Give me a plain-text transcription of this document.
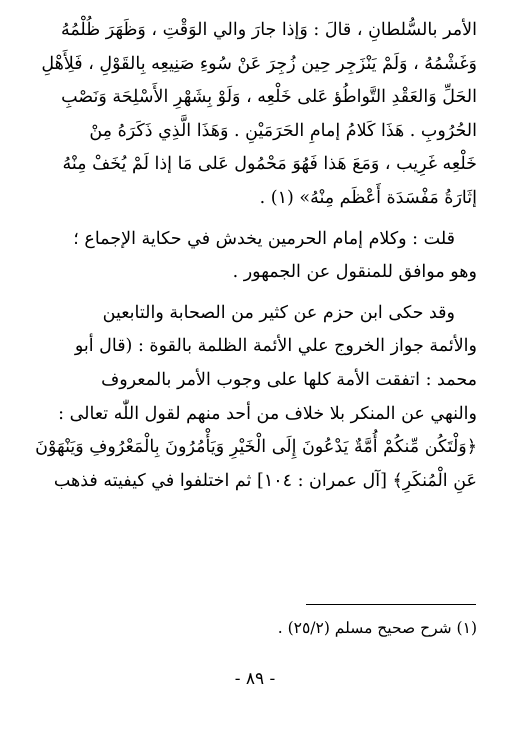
الأمر بالسُّلطانِ ، قالَ : وَإذا جارَ والي الوَقْتِ ، وَظَهَرَ ظُلْمُهُ

وَغَشْمُهُ ، وَلَمْ يَنْزَجِر حِين زُجِرَ عَنْ سُوءِ صَنِيعِه بِالقَوْلِ ، فَلِأَهْلِ

الحَلِّ وَالعَقْدِ التَّواطُؤ عَلى خَلْعِه ، وَلَوْ بِشَهْرِ الأَسْلِحَة وَنَصْبِ

الحُرُوبِ . هَذَا كَلامُ إمامِ الحَرَمَيْنِ . وَهَذَا الَّذِي ذَكَرَهُ مِنْ

خَلْعِه غَرِيب ، وَمَعَ هَذا فَهُوَ مَحْمُول عَلى مَا إذا لَمْ يُخَفْ مِنْهُ

إثَارَةُ مَفْسَدَة أَعْظَم مِنْهُ» (١) .

قلت : وكلام إمام الحرمين يخدش في حكاية الإجماع ؛

وهو موافق للمنقول عن الجمهور .

وقد حكى ابن حزم عن كثير من الصحابة والتابعين

والأئمة جواز الخروج علي الأئمة الظلمة بالقوة : (قال أبو

محمد : اتفقت الأمة كلها على وجوب الأمر بالمعروف

والنهي عن المنكر بلا خلاف من أحد منهم لقول اللّٰه تعالى :

﴿وَلْتَكُن مِّنكُمْ أُمَّةٌ يَدْعُونَ إِلَى الْخَيْرِ وَيَأْمُرُونَ بِالْمَعْرُوفِ وَيَنْهَوْنَ

عَنِ الْمُنكَرِ﴾ [آل عمران : ١٠٤] ثم اختلفوا في كيفيته فذهب

(١) شرح صحيح مسلم (٢٥/٢) .
- ٨٩ -
